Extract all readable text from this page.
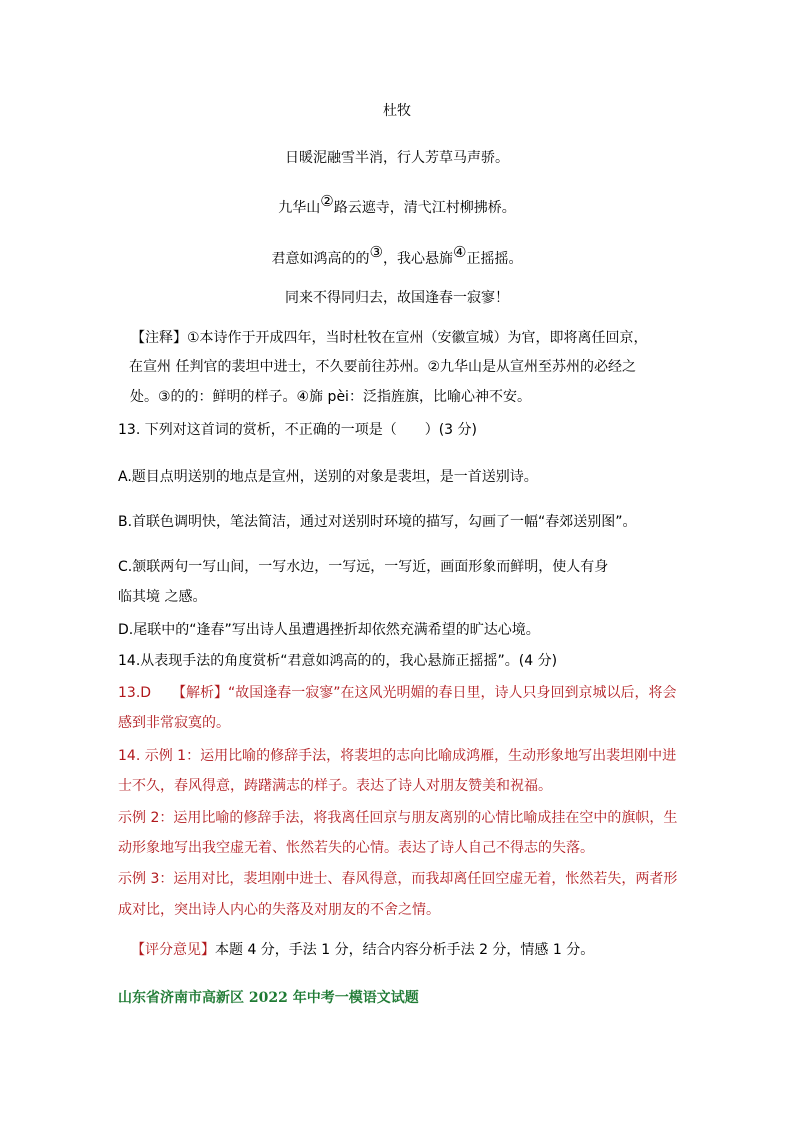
杜牧
日暖泥融雪半消，行人芳草马声骄。
九华山②路云遮寺，清弋江村柳拂桥。
君意如鸿高的的③，我心悬旆④正摇摇。
同来不得同归去，故国逢春一寂寥！
【注释】①本诗作于开成四年，当时杜牧在宣州（安徽宣城）为官，即将离任回京，
在宣州 任判官的裴坦中进士，不久要前往苏州。②九华山是从宣州至苏州的必经之
处。③的的：鲜明的样子。④旆 pèi：泛指旌旗，比喻心神不安。
13. 下列对这首词的赏析，不正确的一项是（　　）(3 分)
A.题目点明送别的地点是宣州，送别的对象是裴坦，是一首送别诗。
B.首联色调明快，笔法简洁，通过对送别时环境的描写，勾画了一幅“春郊送别图”。
C.颔联两句一写山间，一写水边，一写远，一写近，画面形象而鲜明，使人有身
临其境 之感。
D.尾联中的“逢春”写出诗人虽遭遇挫折却依然充满希望的旷达心境。
14.从表现手法的角度赏析“君意如鸿高的的，我心悬旆正摇摇”。(4 分)
13.D　　【解析】“故国逢春一寂寥”在这风光明媚的春日里，诗人只身回到京城以后，将会
感到非常寂寞的。
14. 示例 1：运用比喻的修辞手法，将裴坦的志向比喻成鸿雁，生动形象地写出裴坦刚中进
士不久，春风得意，踌躇满志的样子。表达了诗人对朋友赞美和祝福。
示例 2：运用比喻的修辞手法，将我离任回京与朋友离别的心情比喻成挂在空中的旗帜，生
动形象地写出我空虚无着、怅然若失的心情。表达了诗人自己不得志的失落。
示例 3：运用对比，裴坦刚中进士、春风得意，而我却离任回空虚无着，怅然若失，两者形
成对比，突出诗人内心的失落及对朋友的不舍之情。
【评分意见】本题 4 分，手法 1 分，结合内容分析手法 2 分，情感 1 分。
山东省济南市高新区 2022 年中考一模语文试题
